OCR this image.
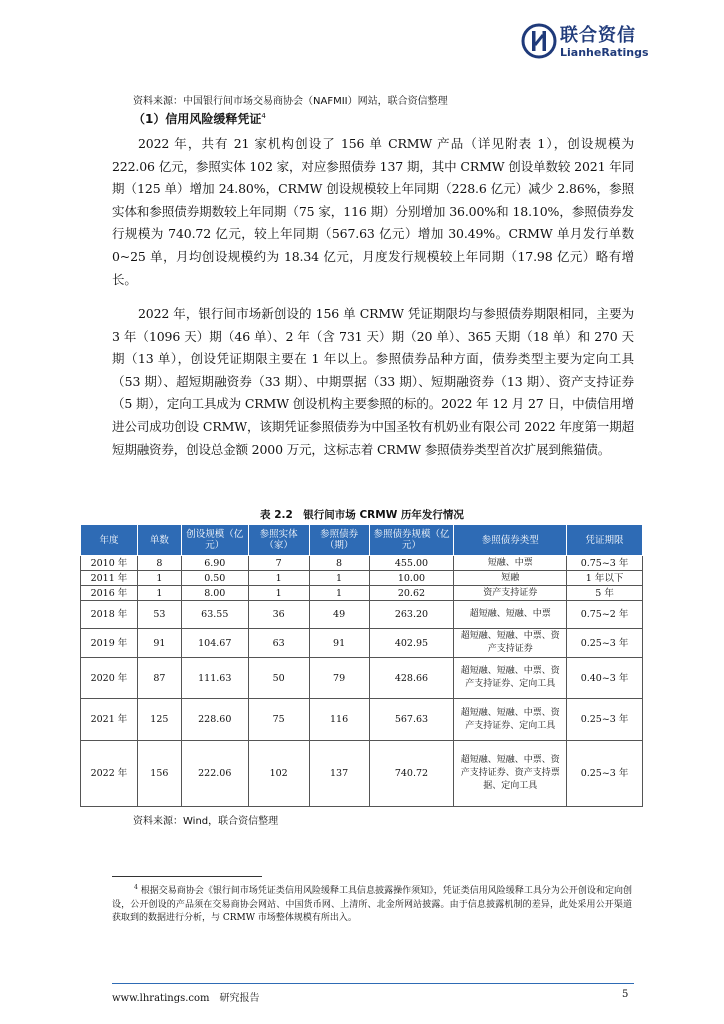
联合资信
LianheRatings
资料来源：中国银行间市场交易商协会（NAFMII）网站，联合资信整理
（1）信用风险缓释凭证$^4$

2022 年，共有 21 家机构创设了 156 单 CRMW 产品（详见附表 1），创设规模为 222.06 亿元，参照实体 102 家，对应参照债券 137 期，其中 CRMW 创设单数较 2021 年同期（125 单）增加 24.80%，CRMW 创设规模较上年同期（228.6 亿元）减少 2.86%，参照实体和参照债券期数较上年同期（75 家，116 期）分别增加 36.00%和 18.10%，参照债券发行规模为 740.72 亿元，较上年同期（567.63 亿元）增加 30.49%。CRMW 单月发行单数 0~25 单，月均创设规模约为 18.34 亿元，月度发行规模较上年同期（17.98 亿元）略有增长。

2022 年，银行间市场新创设的 156 单 CRMW 凭证期限均与参照债券期限相同，主要为 3 年（1096 天）期（46 单）、2 年（含 731 天）期（20 单）、365 天期（18 单）和 270 天期（13 单），创设凭证期限主要在 1 年以上。参照债券品种方面，债券类型主要为定向工具（53 期）、超短期融资券（33 期）、中期票据（33 期）、短期融资券（13 期）、资产支持证券（5 期），定向工具成为 CRMW 创设机构主要参照的标的。2022 年 12 月 27 日，中债信用增进公司成功创设 CRMW，该期凭证参照债券为中国圣牧有机奶业有限公司 2022 年度第一期超短期融资券，创设总金额 2000 万元，这标志着 CRMW 参照债券类型首次扩展到熊猫债。

表 2.2　银行间市场 CRMW 历年发行情况
年度	单数	创设规模（亿元）	参照实体（家）	参照债券（期）	参照债券规模（亿元）	参照债券类型	凭证期限
2010 年	8	6.90	7	8	455.00	短融、中票	0.75~3 年
2011 年	1	0.50	1	1	10.00	短融	1 年以下
2016 年	1	8.00	1	1	20.62	资产支持证券	5 年
2018 年	53	63.55	36	49	263.20	超短融、短融、中票	0.75~2 年
2019 年	91	104.67	63	91	402.95	超短融、短融、中票、资产支持证券	0.25~3 年
2020 年	87	111.63	50	79	428.66	超短融、短融、中票、资产支持证券、定向工具	0.40~3 年
2021 年	125	228.60	75	116	567.63	超短融、短融、中票、资产支持证券、定向工具	0.25~3 年
2022 年	156	222.06	102	137	740.72	超短融、短融、中票、资产支持证券、资产支持票据、定向工具	0.25~3 年
资料来源：Wind，联合资信整理

$^4$ 根据交易商协会《银行间市场凭证类信用风险缓释工具信息披露操作须知》，凭证类信用风险缓释工具分为公开创设和定向创设，公开创设的产品须在交易商协会网站、中国货币网、上清所、北金所网站披露。由于信息披露机制的差异，此处采用公开渠道获取到的数据进行分析，与 CRMW 市场整体规模有所出入。

www.lhratings.com　研究报告	5
